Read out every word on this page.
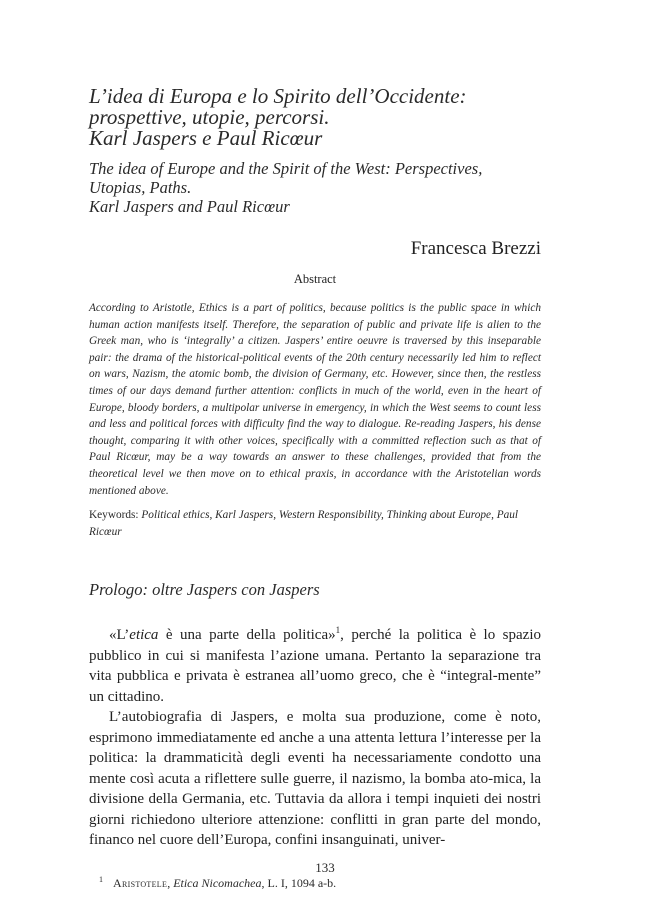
L’idea di Europa e lo Spirito dell’Occidente:
prospettive, utopie, percorsi.
Karl Jaspers e Paul Ricœur
The idea of Europe and the Spirit of the West: Perspectives, Utopias, Paths.
Karl Jaspers and Paul Ricœur
Francesca Brezzi
Abstract

According to Aristotle, Ethics is a part of politics, because politics is the public space in which human action manifests itself. Therefore, the separation of public and private life is alien to the Greek man, who is ‘integrally’ a citizen. Jaspers’ entire oeuvre is traversed by this inseparable pair: the drama of the historical-political events of the 20th century necessarily led him to reflect on wars, Nazism, the atomic bomb, the division of Germany, etc. However, since then, the restless times of our days demand further attention: conflicts in much of the world, even in the heart of Europe, bloody borders, a multipolar universe in emergency, in which the West seems to count less and less and political forces with difficulty find the way to dialogue. Re-reading Jaspers, his dense thought, comparing it with other voices, specifically with a committed reflection such as that of Paul Ricœur, may be a way towards an answer to these challenges, provided that from the theoretical level we then move on to ethical praxis, in accordance with the Aristotelian words mentioned above.

Keywords: Political ethics, Karl Jaspers, Western Responsibility, Thinking about Europe, Paul Ricœur

Prologo: oltre Jaspers con Jaspers

«L’etica è una parte della politica»$^1$, perché la politica è lo spazio pubblico in cui si manifesta l’azione umana. Pertanto la separazione tra vita pubblica e privata è estranea all’uomo greco, che è “integral-mente” un cittadino.

L’autobiografia di Jaspers, e molta sua produzione, come è noto, esprimono immediatamente ed anche a una attenta lettura l’interesse per la politica: la drammaticità degli eventi ha necessariamente condotto una mente così acuta a riflettere sulle guerre, il nazismo, la bomba ato-mica, la divisione della Germania, etc. Tuttavia da allora i tempi inquieti dei nostri giorni richiedono ulteriore attenzione: conflitti in gran parte del mondo, financo nel cuore dell’Europa, confini insanguinati, univer-

$^1$ Aristotele, Etica Nicomachea, L. I, 1094 a-b.
133
